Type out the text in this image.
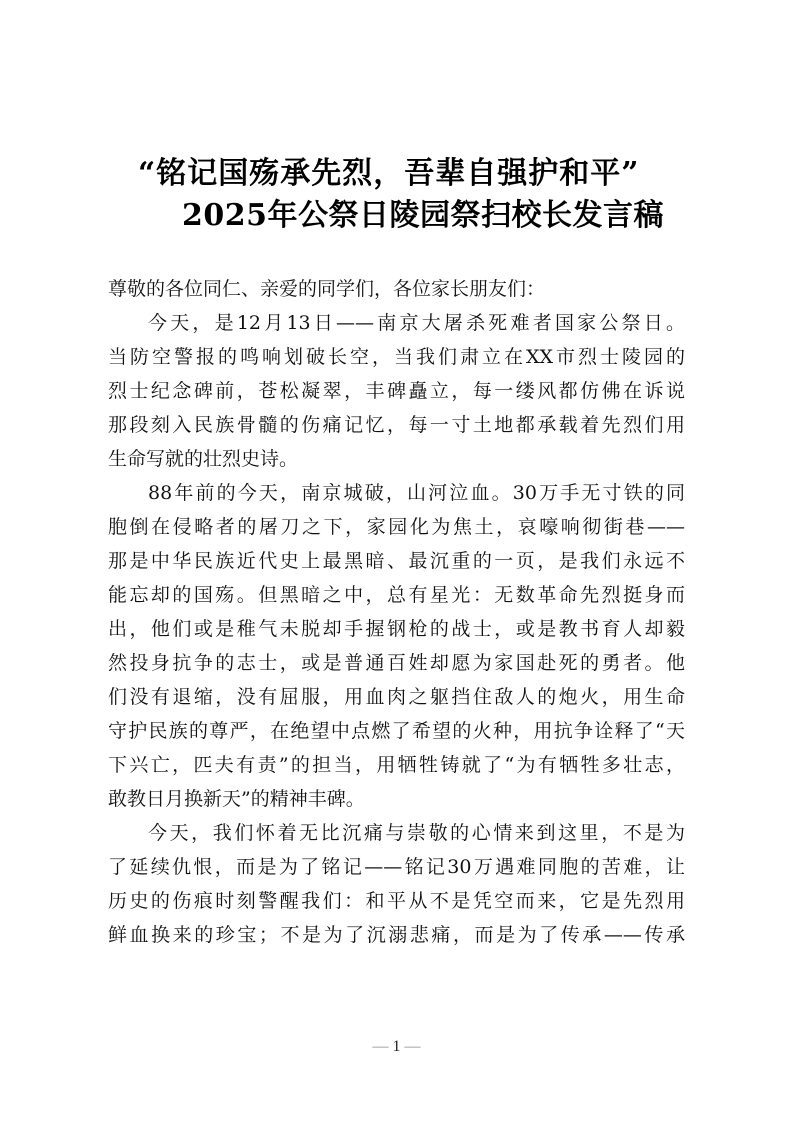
“铭记国殇承先烈，吾辈自强护和平”
2025年公祭日陵园祭扫校长发言稿
尊敬的各位同仁、亲爱的同学们，各位家长朋友们：
今天，是12月13日——南京大屠杀死难者国家公祭日。
当防空警报的鸣响划破长空，当我们肃立在XX市烈士陵园的
烈士纪念碑前，苍松凝翠，丰碑矗立，每一缕风都仿佛在诉说
那段刻入民族骨髓的伤痛记忆，每一寸土地都承载着先烈们用
生命写就的壮烈史诗。
88年前的今天，南京城破，山河泣血。30万手无寸铁的同
胞倒在侵略者的屠刀之下，家园化为焦土，哀嚎响彻街巷——
那是中华民族近代史上最黑暗、最沉重的一页，是我们永远不
能忘却的国殇。但黑暗之中，总有星光：无数革命先烈挺身而
出，他们或是稚气未脱却手握钢枪的战士，或是教书育人却毅
然投身抗争的志士，或是普通百姓却愿为家国赴死的勇者。他
们没有退缩，没有屈服，用血肉之躯挡住敌人的炮火，用生命
守护民族的尊严，在绝望中点燃了希望的火种，用抗争诠释了“天
下兴亡，匹夫有责”的担当，用牺牲铸就了“为有牺牲多壮志，
敢教日月换新天”的精神丰碑。
今天，我们怀着无比沉痛与崇敬的心情来到这里，不是为
了延续仇恨，而是为了铭记——铭记30万遇难同胞的苦难，让
历史的伤痕时刻警醒我们：和平从不是凭空而来，它是先烈用
鲜血换来的珍宝；不是为了沉溺悲痛，而是为了传承——传承
— 1 —
